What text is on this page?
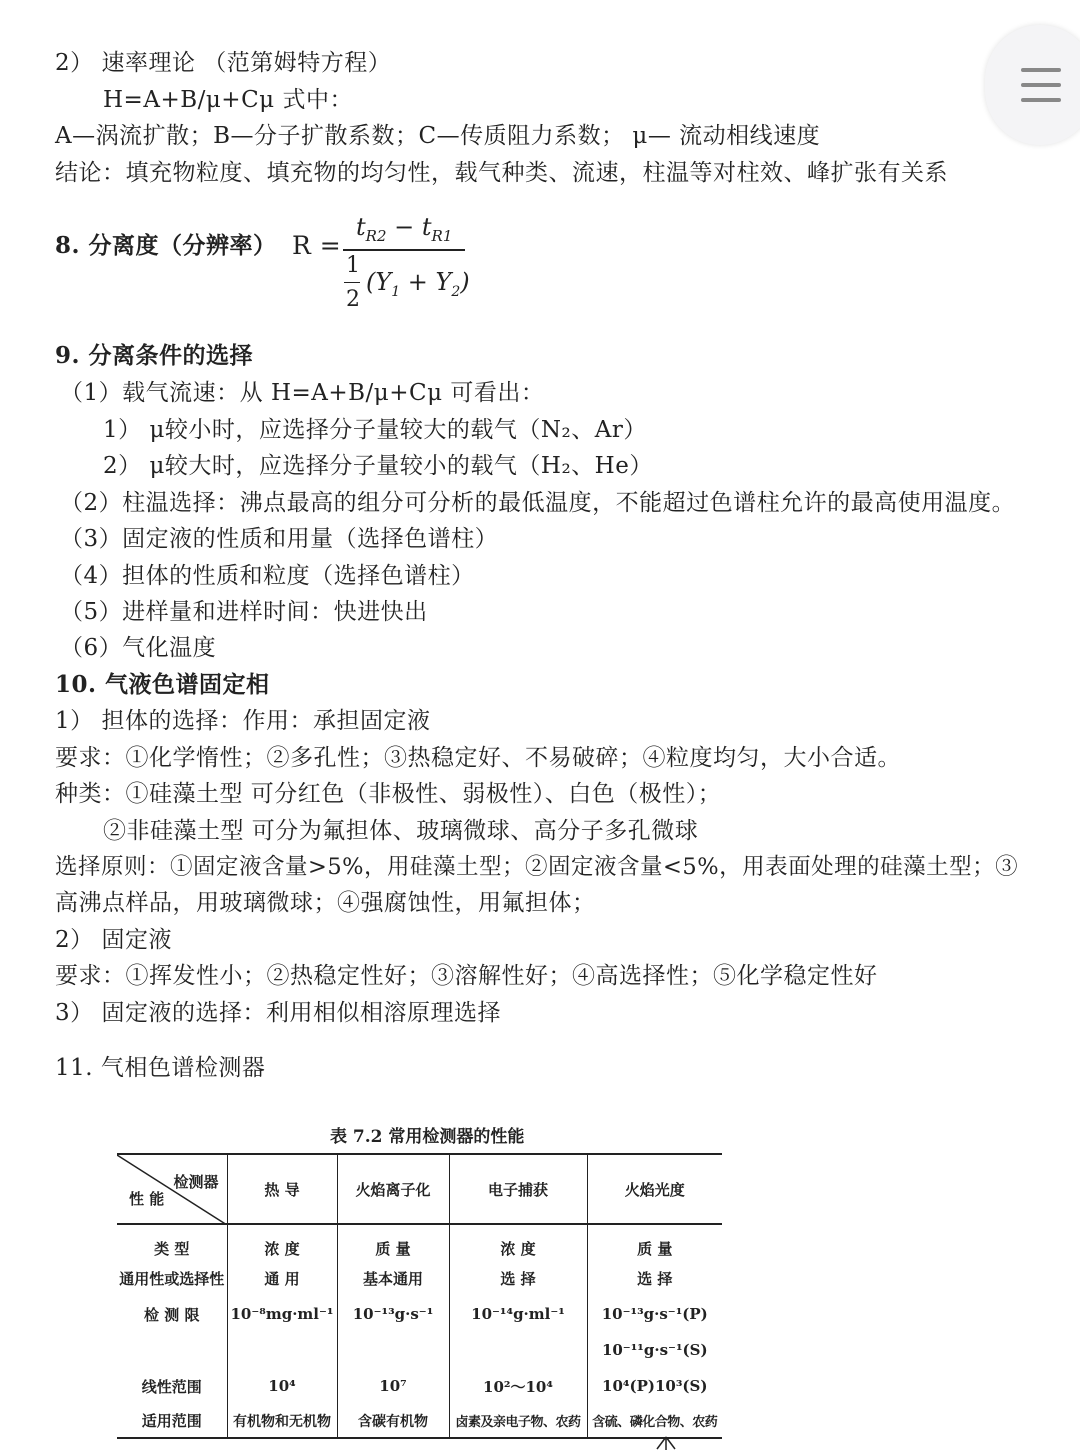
2） 速率理论 （范第姆特方程）
H=A+B/μ+Cμ 式中：
A—涡流扩散；B—分子扩散系数；C—传质阻力系数； μ— 流动相线速度
结论：填充物粒度、填充物的均匀性，载气种类、流速，柱温等对柱效、峰扩张有关系
8. 分离度（分辨率） R =
$t_{R2} - t_{R1}$
1
2
$(Y_1 + Y_2)$
9. 分离条件的选择
（1）载气流速：从 H=A+B/μ+Cμ 可看出：
1） μ较小时，应选择分子量较大的载气（N₂、Ar）
2） μ较大时，应选择分子量较小的载气（H₂、He）
（2）柱温选择：沸点最高的组分可分析的最低温度，不能超过色谱柱允许的最高使用温度。
（3）固定液的性质和用量（选择色谱柱）
（4）担体的性质和粒度（选择色谱柱）
（5）进样量和进样时间：快进快出
（6）气化温度
10. 气液色谱固定相
1） 担体的选择：作用：承担固定液
要求：①化学惰性；②多孔性；③热稳定好、不易破碎；④粒度均匀，大小合适。
种类：①硅藻土型 可分红色（非极性、弱极性）、白色（极性）；
②非硅藻土型 可分为氟担体、玻璃微球、高分子多孔微球
选择原则：①固定液含量>5%，用硅藻土型；②固定液含量<5%，用表面处理的硅藻土型；③
高沸点样品，用玻璃微球；④强腐蚀性，用氟担体；
2） 固定液
要求：①挥发性小；②热稳定性好；③溶解性好；④高选择性；⑤化学稳定性好
3） 固定液的选择：利用相似相溶原理选择
11. 气相色谱检测器
表 7.2 常用检测器的性能
检测器
性 能	热 导	火焰离子化	电子捕获	火焰光度
类 型	浓 度	质 量	浓 度	质 量
通用性或选择性	通 用	基本通用	选 择	选 择
检 测 限	10⁻⁸mg·ml⁻¹	10⁻¹³g·s⁻¹	10⁻¹⁴g·ml⁻¹	10⁻¹³g·s⁻¹(P)
				10⁻¹¹g·s⁻¹(S)
线性范围	10⁴	10⁷	10²～10⁴	10⁴(P)10³(S)
适用范围	有机物和无机物	含碳有机物	卤素及亲电子物、农药	含硫、磷化合物、农药
